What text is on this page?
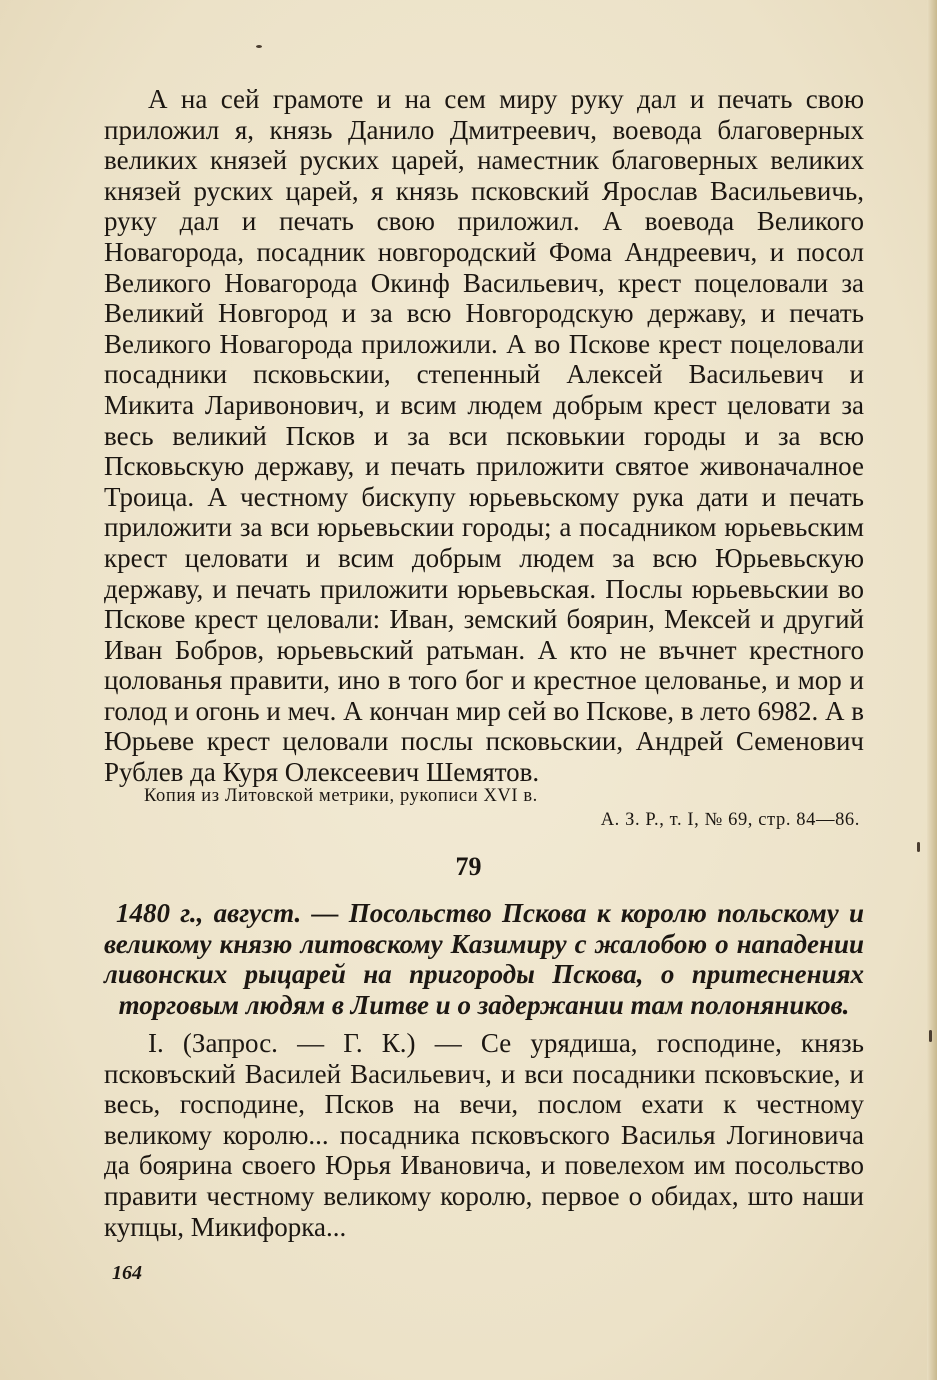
А на сей грамоте и на сем миру руку дал и печать свою приложил я, князь Данило Дмитреевич, воевода благоверных великих князей руских царей, наместник благоверных великих князей руских царей, я князь псковский Ярослав Васильевичь, руку дал и печать свою приложил. А воевода Великого Новагорода, посадник новгородский Фома Андреевич, и посол Великого Новагорода Окинф Васильевич, крест поцеловали за Великий Новгород и за всю Новгородскую державу, и печать Великого Новагорода приложили. А во Пскове крест поцеловали посадники псковьскии, степенный Алексей Васильевич и Микита Ларивонович, и всим людем добрым крест целовати за весь великий Псков и за вси псковькии городы и за всю Псковьскую державу, и печать приложити святое живоначалное Троица. А честному бискупу юрьевьскому рука дати и печать приложити за вси юрьевьскии городы; а посадником юрьевьским крест целовати и всим добрым людем за всю Юрьевьскую державу, и печать приложити юрьевьская. Послы юрьевьскии во Пскове крест целовали: Иван, земский боярин, Мексей и другий Иван Бобров, юрьевьский ратьман. А кто не въчнет крестного цолованья правити, ино в того бог и крестное целованье, и мор и голод и огонь и меч. А кончан мир сей во Пскове, в лето 6982. А в Юрьеве крест целовали послы псковьскии, Андрей Семенович Рублев да Куря Олексеевич Шемятов.

Копия из Литовской метрики, рукописи XVI в.
А. З. Р., т. I, № 69, стр. 84—86.
79
1480 г., август. — Посольство Пскова к королю польскому и великому князю литовскому Казимиру с жалобою о нападении ливонских рыцарей на пригороды Пскова, о притеснениях торговым людям в Литве и о задержании там полоняников.
I. (Запрос. — Г. К.) — Се урядиша, господине, князь псковъский Василей Васильевич, и вси посадники псковъские, и весь, господине, Псков на вечи, послом ехати к честному великому королю... посадника псковъского Василья Логиновича да боярина своего Юрья Ивановича, и повелехом им посольство правити честному великому королю, первое о обидах, што наши купцы, Микифорка...
164
